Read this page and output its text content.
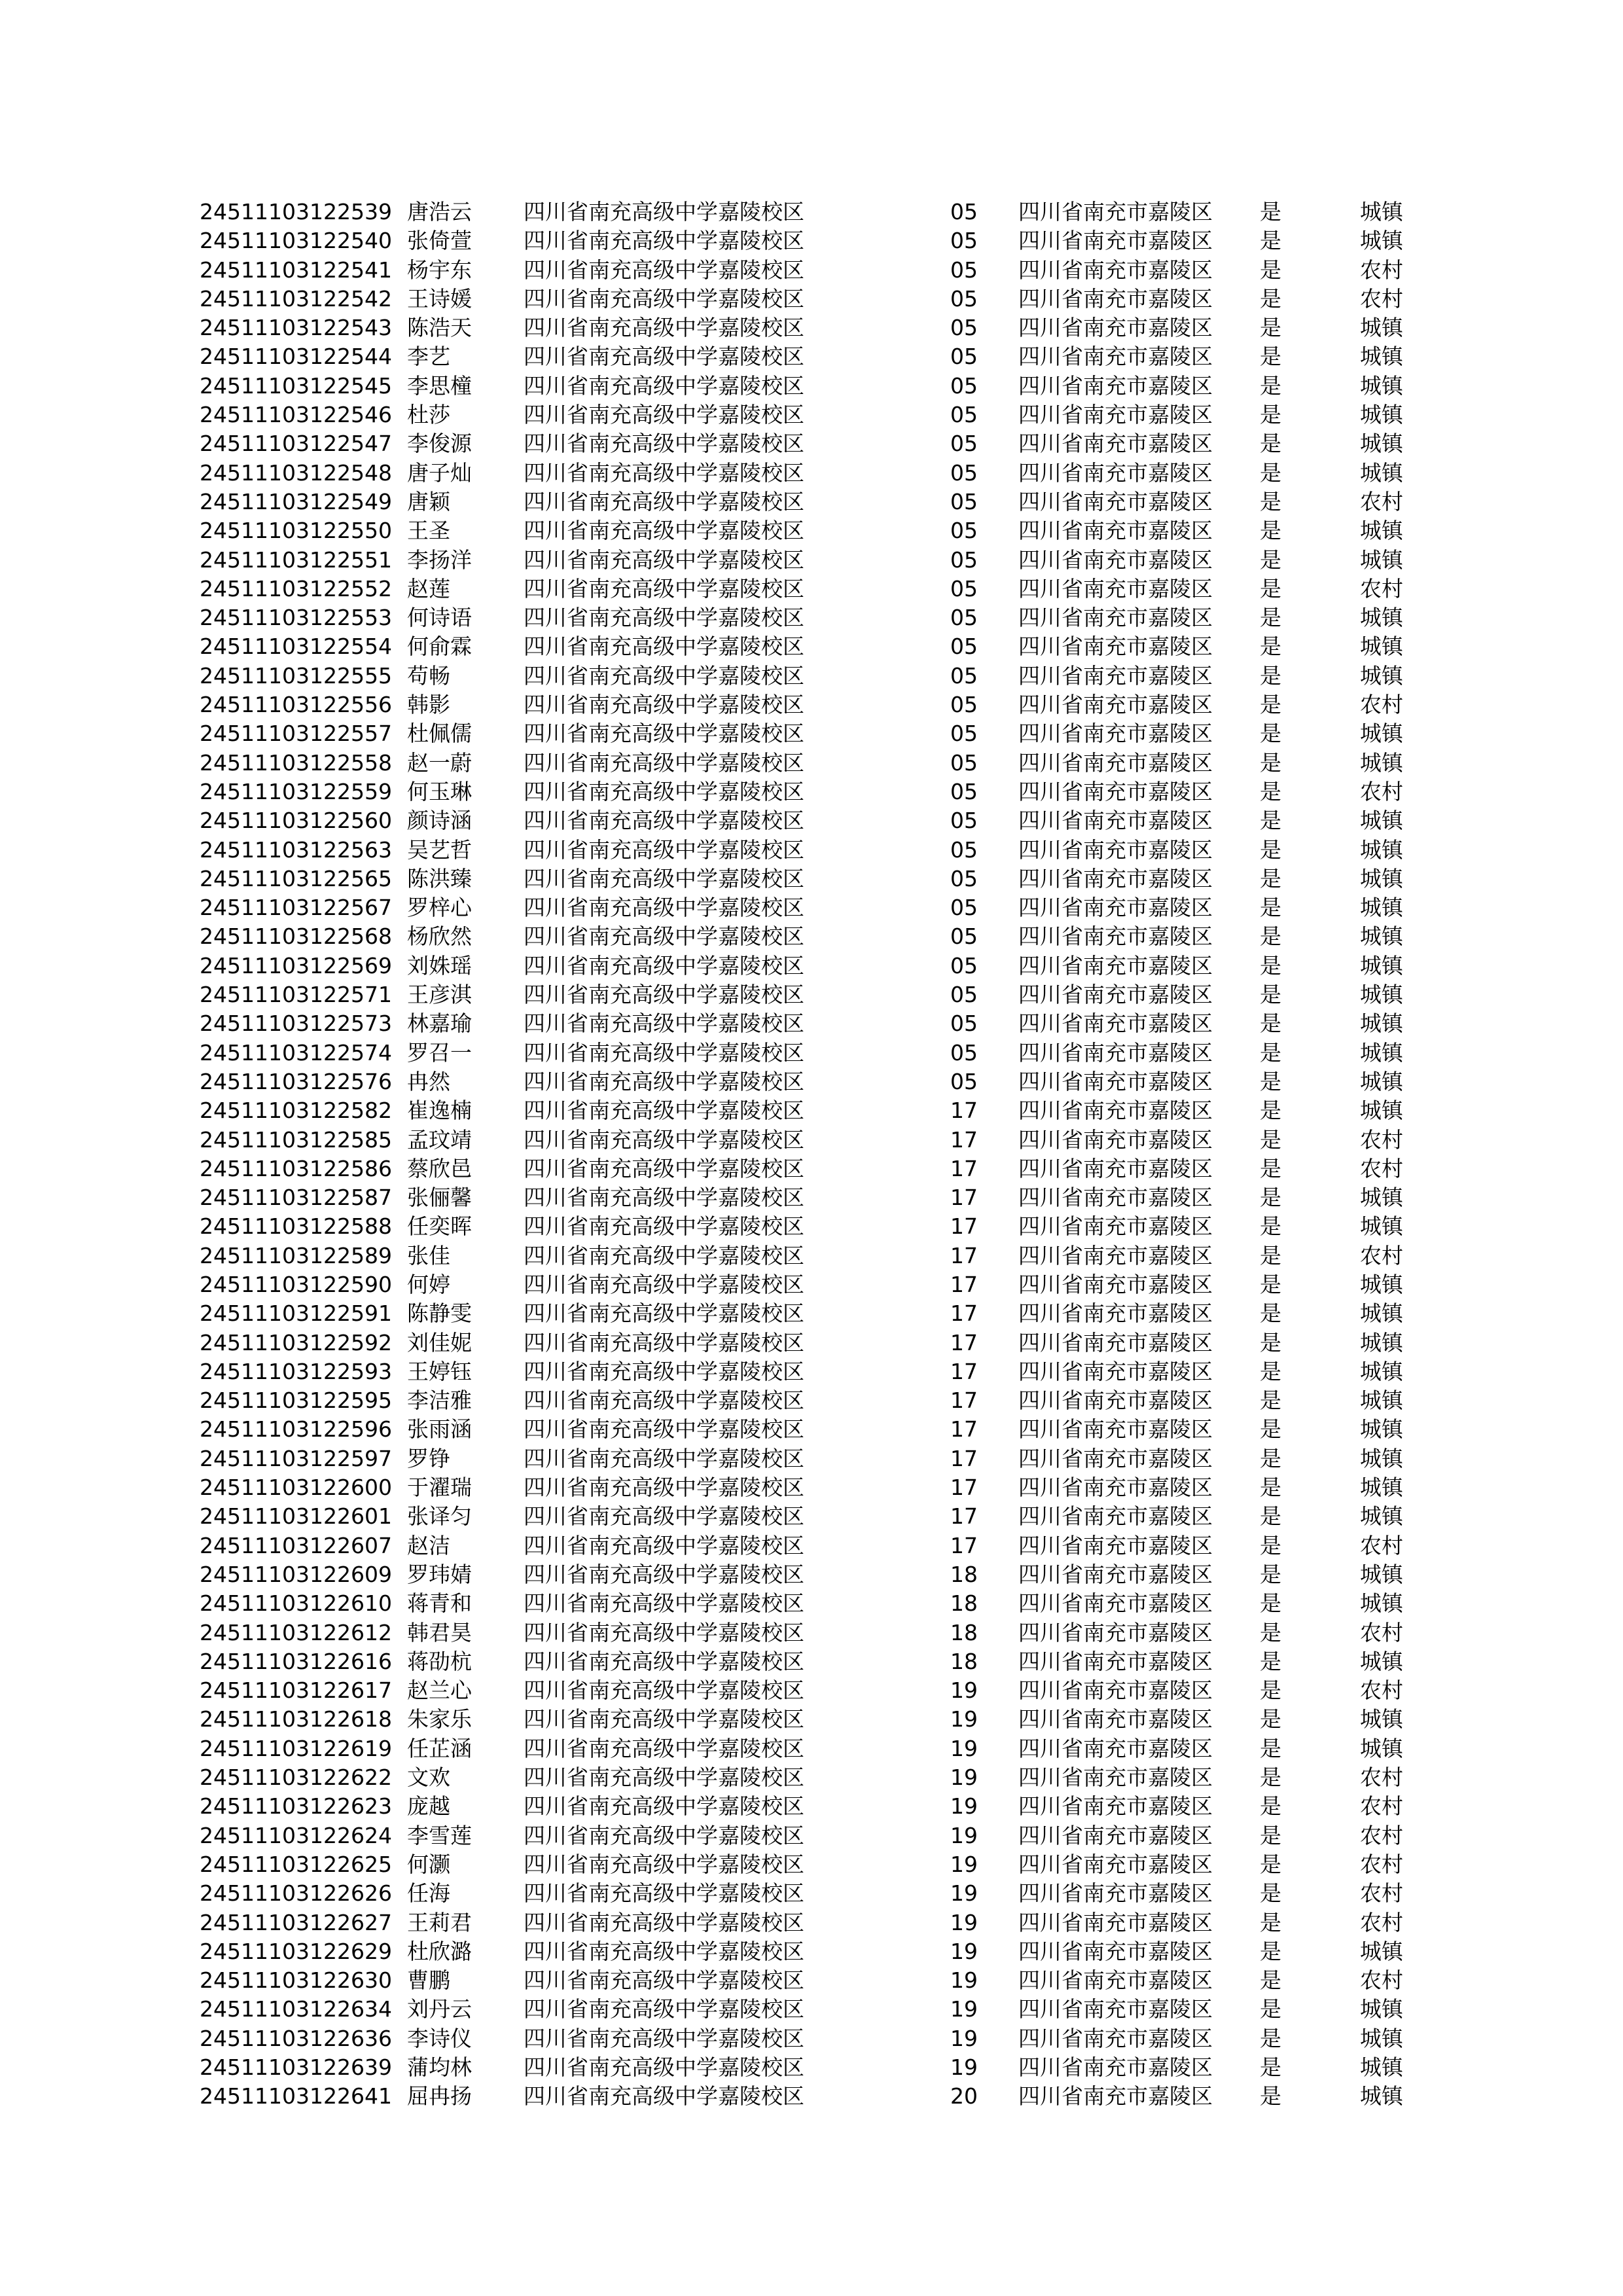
24511103122539 唐浩云 四川省南充高级中学嘉陵校区	05 四川省南充市嘉陵区 是	城镇
24511103122540 张倚萱 四川省南充高级中学嘉陵校区	05 四川省南充市嘉陵区 是	城镇
24511103122541 杨宇东 四川省南充高级中学嘉陵校区	05 四川省南充市嘉陵区 是	农村
24511103122542 王诗媛 四川省南充高级中学嘉陵校区	05 四川省南充市嘉陵区 是	农村
24511103122543 陈浩天 四川省南充高级中学嘉陵校区	05 四川省南充市嘉陵区 是	城镇
24511103122544 李艺	四川省南充高级中学嘉陵校区	05 四川省南充市嘉陵区 是	城镇
24511103122545 李思橦 四川省南充高级中学嘉陵校区	05 四川省南充市嘉陵区 是	城镇
24511103122546 杜莎	四川省南充高级中学嘉陵校区	05 四川省南充市嘉陵区 是	城镇
24511103122547 李俊源 四川省南充高级中学嘉陵校区	05 四川省南充市嘉陵区 是	城镇
24511103122548 唐子灿 四川省南充高级中学嘉陵校区	05 四川省南充市嘉陵区 是	城镇
24511103122549 唐颖	四川省南充高级中学嘉陵校区	05 四川省南充市嘉陵区 是	农村
24511103122550 王圣	四川省南充高级中学嘉陵校区	05 四川省南充市嘉陵区 是	城镇
24511103122551 李扬洋 四川省南充高级中学嘉陵校区	05 四川省南充市嘉陵区 是	城镇
24511103122552 赵莲	四川省南充高级中学嘉陵校区	05 四川省南充市嘉陵区 是	农村
24511103122553 何诗语 四川省南充高级中学嘉陵校区	05 四川省南充市嘉陵区 是	城镇
24511103122554 何俞霖 四川省南充高级中学嘉陵校区	05 四川省南充市嘉陵区 是	城镇
24511103122555 苟畅	四川省南充高级中学嘉陵校区	05 四川省南充市嘉陵区 是	城镇
24511103122556 韩影	四川省南充高级中学嘉陵校区	05 四川省南充市嘉陵区 是	农村
24511103122557 杜佩儒 四川省南充高级中学嘉陵校区	05 四川省南充市嘉陵区 是	城镇
24511103122558 赵一蔚 四川省南充高级中学嘉陵校区	05 四川省南充市嘉陵区 是	城镇
24511103122559 何玉琳 四川省南充高级中学嘉陵校区	05 四川省南充市嘉陵区 是	农村
24511103122560 颜诗涵 四川省南充高级中学嘉陵校区	05 四川省南充市嘉陵区 是	城镇
24511103122563 吴艺哲 四川省南充高级中学嘉陵校区	05 四川省南充市嘉陵区 是	城镇
24511103122565 陈洪臻 四川省南充高级中学嘉陵校区	05 四川省南充市嘉陵区 是	城镇
24511103122567 罗梓心 四川省南充高级中学嘉陵校区	05 四川省南充市嘉陵区 是	城镇
24511103122568 杨欣然 四川省南充高级中学嘉陵校区	05 四川省南充市嘉陵区 是	城镇
24511103122569 刘姝瑶 四川省南充高级中学嘉陵校区	05 四川省南充市嘉陵区 是	城镇
24511103122571 王彦淇 四川省南充高级中学嘉陵校区	05 四川省南充市嘉陵区 是	城镇
24511103122573 林嘉瑜 四川省南充高级中学嘉陵校区	05 四川省南充市嘉陵区 是	城镇
24511103122574 罗召一 四川省南充高级中学嘉陵校区	05 四川省南充市嘉陵区 是	城镇
24511103122576 冉然	四川省南充高级中学嘉陵校区	05 四川省南充市嘉陵区 是	城镇
24511103122582 崔逸楠 四川省南充高级中学嘉陵校区	17 四川省南充市嘉陵区 是	城镇
24511103122585 孟玟靖 四川省南充高级中学嘉陵校区	17 四川省南充市嘉陵区 是	农村
24511103122586 蔡欣邑 四川省南充高级中学嘉陵校区	17 四川省南充市嘉陵区 是	农村
24511103122587 张俪馨 四川省南充高级中学嘉陵校区	17 四川省南充市嘉陵区 是	城镇
24511103122588 任奕晖 四川省南充高级中学嘉陵校区	17 四川省南充市嘉陵区 是	城镇
24511103122589 张佳	四川省南充高级中学嘉陵校区	17 四川省南充市嘉陵区 是	农村
24511103122590 何婷	四川省南充高级中学嘉陵校区	17 四川省南充市嘉陵区 是	城镇
24511103122591 陈静雯 四川省南充高级中学嘉陵校区	17 四川省南充市嘉陵区 是	城镇
24511103122592 刘佳妮 四川省南充高级中学嘉陵校区	17 四川省南充市嘉陵区 是	城镇
24511103122593 王婷钰 四川省南充高级中学嘉陵校区	17 四川省南充市嘉陵区 是	城镇
24511103122595 李洁雅 四川省南充高级中学嘉陵校区	17 四川省南充市嘉陵区 是	城镇
24511103122596 张雨涵 四川省南充高级中学嘉陵校区	17 四川省南充市嘉陵区 是	城镇
24511103122597 罗铮	四川省南充高级中学嘉陵校区	17 四川省南充市嘉陵区 是	城镇
24511103122600 于濯瑞 四川省南充高级中学嘉陵校区	17 四川省南充市嘉陵区 是	城镇
24511103122601 张译匀 四川省南充高级中学嘉陵校区	17 四川省南充市嘉陵区 是	城镇
24511103122607 赵洁	四川省南充高级中学嘉陵校区	17 四川省南充市嘉陵区 是	农村
24511103122609 罗玮婧 四川省南充高级中学嘉陵校区	18 四川省南充市嘉陵区 是	城镇
24511103122610 蒋青和 四川省南充高级中学嘉陵校区	18 四川省南充市嘉陵区 是	城镇
24511103122612 韩君昊 四川省南充高级中学嘉陵校区	18 四川省南充市嘉陵区 是	农村
24511103122616 蒋劭杭 四川省南充高级中学嘉陵校区	18 四川省南充市嘉陵区 是	城镇
24511103122617 赵兰心 四川省南充高级中学嘉陵校区	19 四川省南充市嘉陵区 是	农村
24511103122618 朱家乐 四川省南充高级中学嘉陵校区	19 四川省南充市嘉陵区 是	城镇
24511103122619 任芷涵 四川省南充高级中学嘉陵校区	19 四川省南充市嘉陵区 是	城镇
24511103122622 文欢	四川省南充高级中学嘉陵校区	19 四川省南充市嘉陵区 是	农村
24511103122623 庞越	四川省南充高级中学嘉陵校区	19 四川省南充市嘉陵区 是	农村
24511103122624 李雪莲 四川省南充高级中学嘉陵校区	19 四川省南充市嘉陵区 是	农村
24511103122625 何灏	四川省南充高级中学嘉陵校区	19 四川省南充市嘉陵区 是	农村
24511103122626 任海	四川省南充高级中学嘉陵校区	19 四川省南充市嘉陵区 是	农村
24511103122627 王莉君 四川省南充高级中学嘉陵校区	19 四川省南充市嘉陵区 是	农村
24511103122629 杜欣潞 四川省南充高级中学嘉陵校区	19 四川省南充市嘉陵区 是	城镇
24511103122630 曹鹏	四川省南充高级中学嘉陵校区	19 四川省南充市嘉陵区 是	农村
24511103122634 刘丹云 四川省南充高级中学嘉陵校区	19 四川省南充市嘉陵区 是	城镇
24511103122636 李诗仪 四川省南充高级中学嘉陵校区	19 四川省南充市嘉陵区 是	城镇
24511103122639 蒲均林 四川省南充高级中学嘉陵校区	19 四川省南充市嘉陵区 是	城镇
24511103122641 屈冉扬 四川省南充高级中学嘉陵校区	20 四川省南充市嘉陵区 是	城镇
